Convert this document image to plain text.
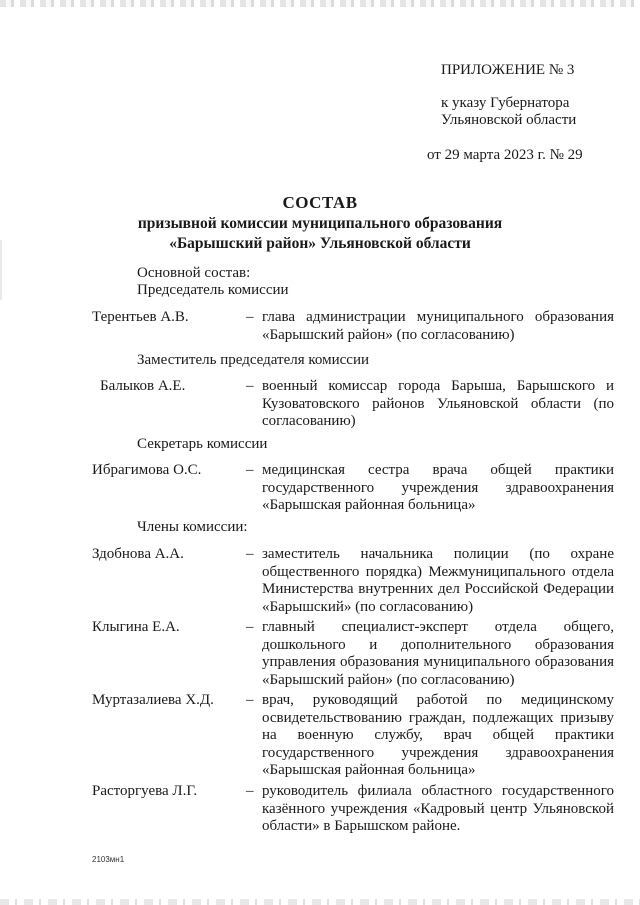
ПРИЛОЖЕНИЕ № 3
к указу Губернатора
Ульяновской области
от 29 марта 2023 г. № 29
СОСТАВ
призывной комиссии муниципального образования
«Барышский район» Ульяновской области
Основной состав:
Председатель комиссии
Терентьев А.В.	– глава администрации муниципального образования «Барышский район» (по согласованию)
Заместитель председателя комиссии
Балыков А.Е.	– военный комиссар города Барыша, Барышского и Кузоватовского районов Ульяновской области (по согласованию)
Секретарь комиссии
Ибрагимова О.С.	– медицинская сестра врача общей практики государственного учреждения здравоохранения «Барышская районная больница»
Члены комиссии:
Здобнова А.А.	– заместитель начальника полиции (по охране общественного порядка) Межмуниципального отдела Министерства внутренних дел Российской Федерации «Барышский» (по согласованию)
Клыгина Е.А.	– главный специалист-эксперт отдела общего, дошкольного и дополнительного образования управления образования муниципального образования «Барышский район» (по согласованию)
Муртазалиева Х.Д. – врач, руководящий работой по медицинскому освидетельствованию граждан, подлежащих призыву на военную службу, врач общей практики государственного учреждения здравоохранения «Барышская районная больница»
Расторгуева Л.Г.	– руководитель филиала областного государственного казённого учреждения «Кадровый центр Ульяновской области» в Барышском районе.
2103мн1
